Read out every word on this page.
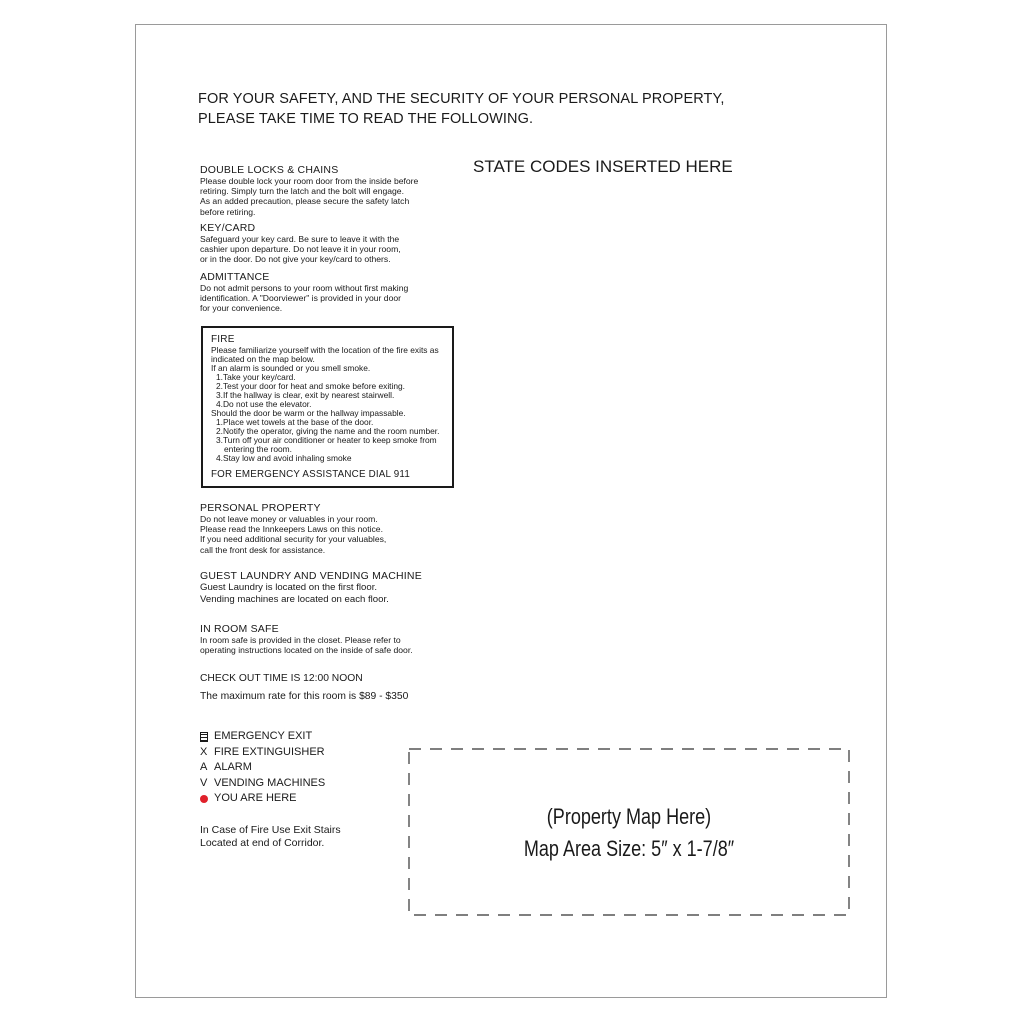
FOR YOUR SAFETY, AND THE SECURITY OF YOUR PERSONAL PROPERTY,
PLEASE TAKE TIME TO READ THE FOLLOWING.
STATE CODES INSERTED HERE
DOUBLE LOCKS & CHAINS
Please double lock your room door from the inside before
retiring. Simply turn the latch and the bolt will engage.
As an added precaution, please secure the safety latch
before retiring.
KEY/CARD
Safeguard your key card. Be sure to leave it with the
cashier upon departure. Do not leave it in your room,
or in the door. Do not give your key/card to others.
ADMITTANCE
Do not admit persons to your room without first making
identification. A "Doorviewer" is provided in your door
for your convenience.
FIRE
Please familiarize yourself with the location of the fire exits as
indicated on the map below.
If an alarm is sounded or you smell smoke.
1.Take your key/card.
2.Test your door for heat and smoke before exiting.
3.If the hallway is clear, exit by nearest stairwell.
4.Do not use the elevator.
Should the door be warm or the hallway impassable.
1.Place wet towels at the base of the door.
2.Notify the operator, giving the name and the room number.
3.Turn off your air conditioner or heater to keep smoke from
entering the room.
4.Stay low and avoid inhaling smoke
FOR EMERGENCY ASSISTANCE DIAL 911
PERSONAL PROPERTY
Do not leave money or valuables in your room.
Please read the Innkeepers Laws on this notice.
If you need additional security for your valuables,
call the front desk for assistance.
GUEST LAUNDRY AND VENDING MACHINE
Guest Laundry is located on the first floor.
Vending machines are located on each floor.
IN ROOM SAFE
In room safe is provided in the closet. Please refer to
operating instructions located on the inside of safe door.
CHECK OUT TIME IS 12:00 NOON
The maximum rate for this room is $89 - $350
EMERGENCY EXIT
X FIRE EXTINGUISHER
A ALARM
V VENDING MACHINES
YOU ARE HERE
In Case of Fire Use Exit Stairs
Located at end of Corridor.
(Property Map Here)
Map Area Size: 5″ x 1-7/8″
